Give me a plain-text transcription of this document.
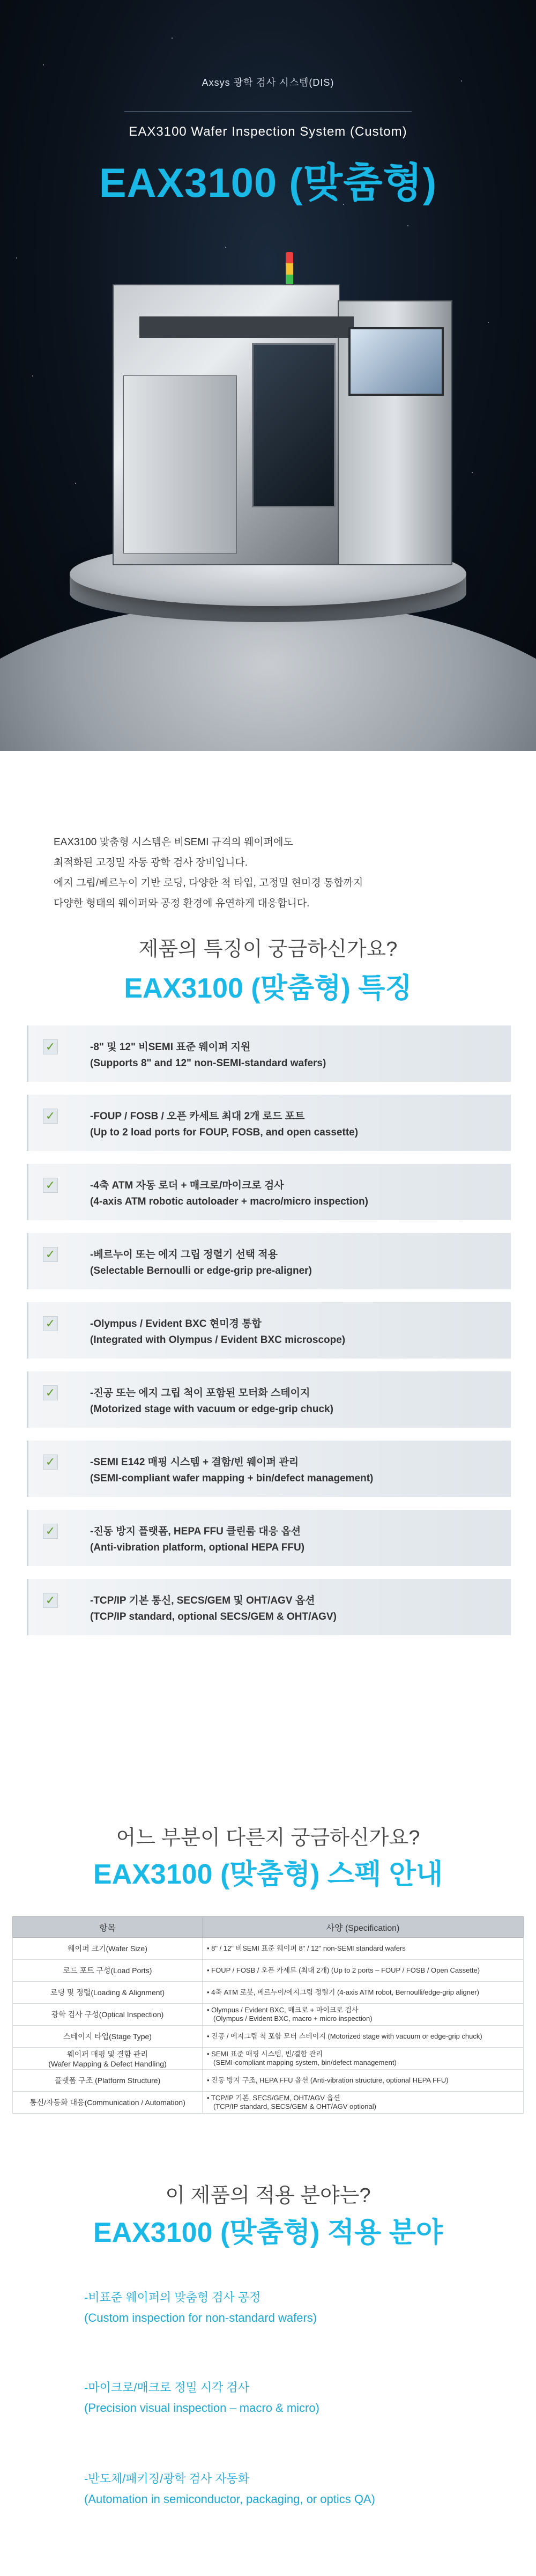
Axsys 광학 검사 시스템(DIS)
EAX3100 Wafer Inspection System (Custom)
EAX3100 (맞춤형)

EAX3100 맞춤형 시스템은 비SEMI 규격의 웨이퍼에도

최적화된 고정밀 자동 광학 검사 장비입니다.

에지 그립/베르누이 기반 로딩, 다양한 척 타입, 고정밀 현미경 통합까지

다양한 형태의 웨이퍼와 공정 환경에 유연하게 대응합니다.

제품의 특징이 궁금하신가요?
EAX3100 (맞춤형) 특징
✓	-8" 및 12" 비SEMI 표준 웨이퍼 지원
(Supports 8" and 12" non-SEMI-standard wafers)
✓	-FOUP / FOSB / 오픈 카세트 최대 2개 로드 포트
(Up to 2 load ports for FOUP, FOSB, and open cassette)
✓	-4축 ATM 자동 로더 + 매크로/마이크로 검사
(4-axis ATM robotic autoloader + macro/micro inspection)
✓	-베르누이 또는 에지 그립 정렬기 선택 적용
(Selectable Bernoulli or edge-grip pre-aligner)
✓	-Olympus / Evident BXC 현미경 통합
(Integrated with Olympus / Evident BXC microscope)
✓	-진공 또는 에지 그립 척이 포함된 모터화 스테이지
(Motorized stage with vacuum or edge-grip chuck)
✓	-SEMI E142 매핑 시스템 + 결함/빈 웨이퍼 관리
(SEMI-compliant wafer mapping + bin/defect management)
✓	-진동 방지 플랫폼, HEPA FFU 클린룸 대응 옵션
(Anti-vibration platform, optional HEPA FFU)
✓	-TCP/IP 기본 통신, SECS/GEM 및 OHT/AGV 옵션
(TCP/IP standard, optional SECS/GEM & OHT/AGV)
어느 부분이 다른지 궁금하신가요?
EAX3100 (맞춤형) 스펙 안내
항목	사양 (Specification)
웨이퍼 크기(Wafer Size)	• 8" / 12" 비SEMI 표준 웨이퍼 8" / 12" non-SEMI standard wafers
로드 포트 구성(Load Ports)	• FOUP / FOSB / 오픈 카세트 (최대 2개) (Up to 2 ports – FOUP / FOSB / Open Cassette)
로딩 및 정렬(Loading & Alignment)	• 4축 ATM 로봇, 베르누이/에지그립 정렬기 (4-axis ATM robot, Bernoulli/edge-grip aligner)
광학 검사 구성(Optical Inspection)	• Olympus / Evident BXC, 매크로 + 마이크로 검사
(Olympus / Evident BXC, macro + micro inspection)
스테이지 타입(Stage Type)	• 진공 / 에지그립 척 포함 모터 스테이지 (Motorized stage with vacuum or edge-grip chuck)
웨이퍼 매핑 및 결함 관리
(Wafer Mapping & Defect Handling)	• SEMI 표준 매핑 시스템, 빈/결함 관리
(SEMI-compliant mapping system, bin/defect management)
플랫폼 구조 (Platform Structure)	• 진동 방지 구조, HEPA FFU 옵션 (Anti-vibration structure, optional HEPA FFU)
통신/자동화 대응(Communication / Automation)	• TCP/IP 기본, SECS/GEM, OHT/AGV 옵션
(TCP/IP standard, SECS/GEM & OHT/AGV optional)
이 제품의 적용 분야는?
EAX3100 (맞춤형) 적용 분야
-비표준 웨이퍼의 맞춤형 검사 공정
(Custom inspection for non-standard wafers)
-마이크로/매크로 정밀 시각 검사
(Precision visual inspection – macro & micro)
-반도체/패키징/광학 검사 자동화
(Automation in semiconductor, packaging, or optics QA)
